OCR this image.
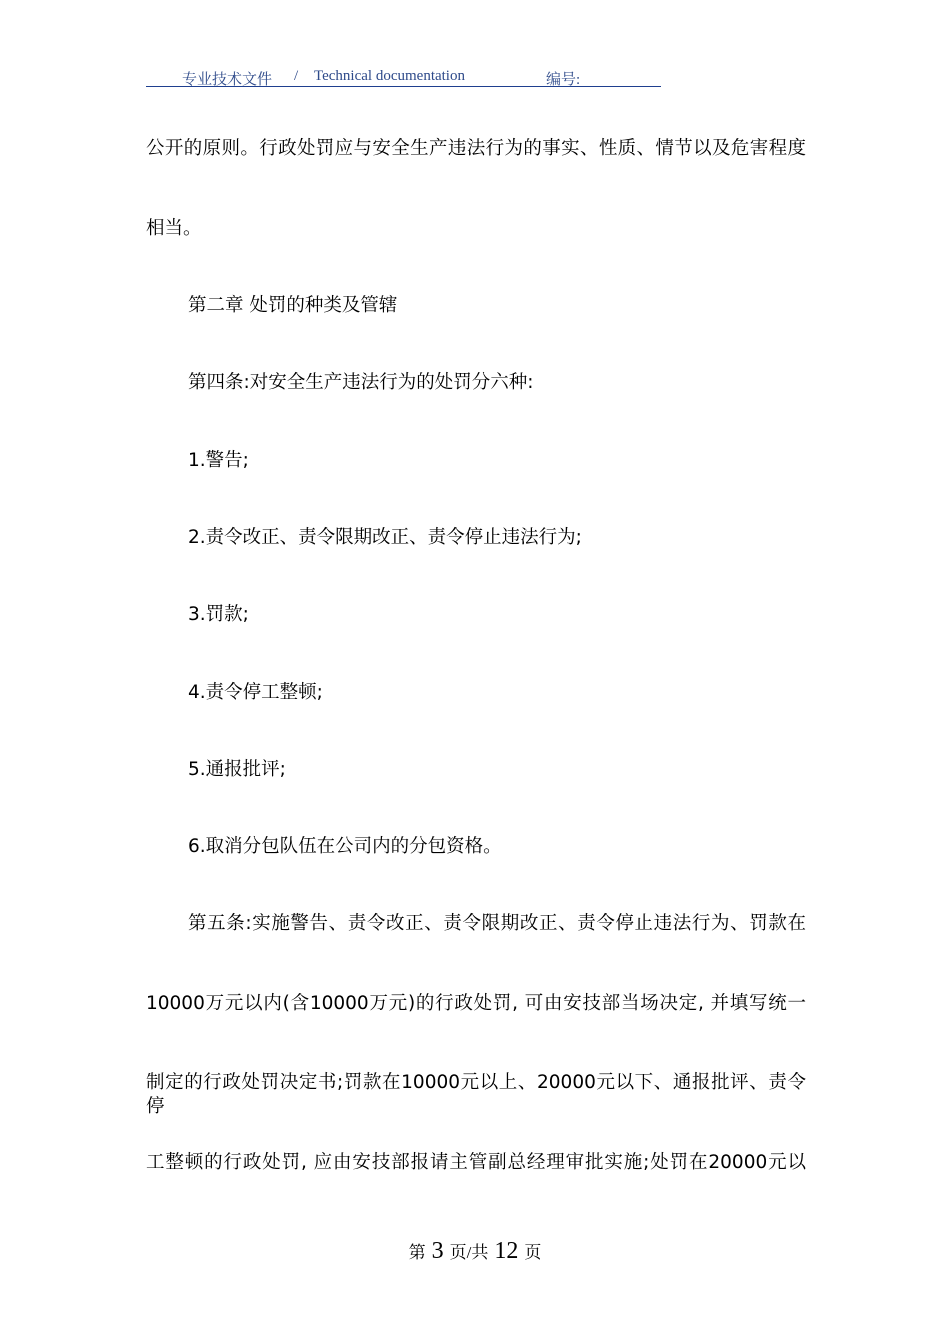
专业技术文件 / Technical documentation	编号:
公开的原则。行政处罚应与安全生产违法行为的事实、性质、情节以及危害程度
相当。
第二章 处罚的种类及管辖
第四条:对安全生产违法行为的处罚分六种:
1.警告;
2.责令改正、责令限期改正、责令停止违法行为;
3.罚款;
4.责令停工整顿;
5.通报批评;
6.取消分包队伍在公司内的分包资格。
第五条:实施警告、责令改正、责令限期改正、责令停止违法行为、罚款在
10000万元以内(含10000万元)的行政处罚, 可由安技部当场决定, 并填写统一
制定的行政处罚决定书;罚款在10000元以上、20000元以下、通报批评、责令停
工整顿的行政处罚, 应由安技部报请主管副总经理审批实施;处罚在20000元以
第 3 页/共 12 页
